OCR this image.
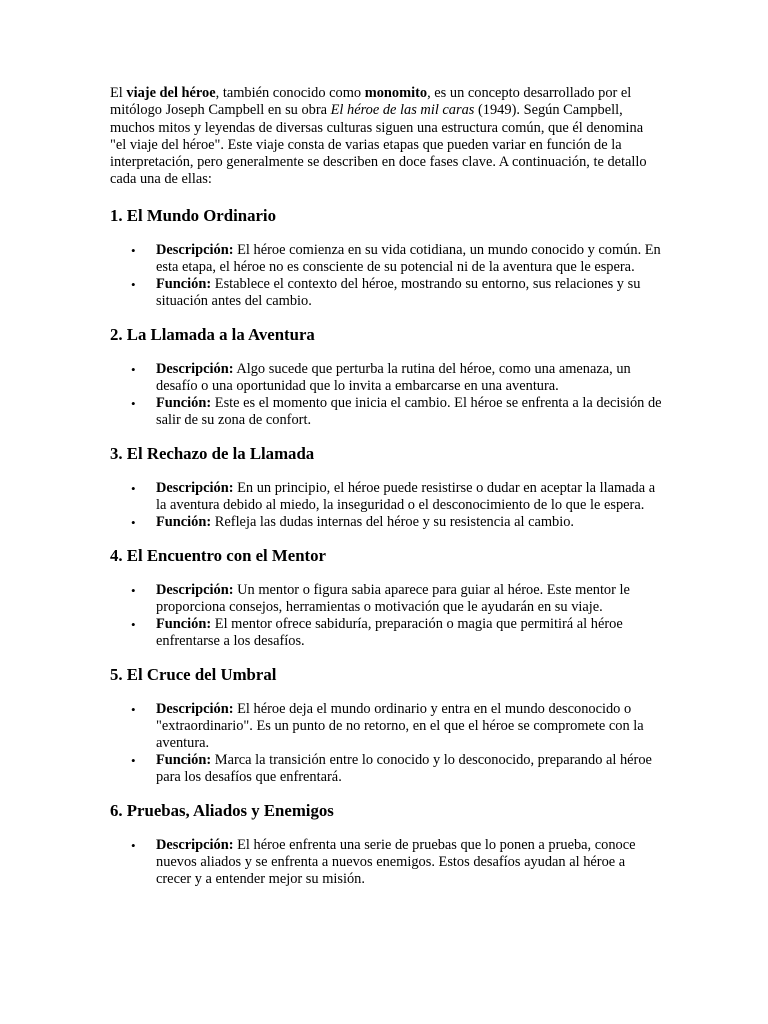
El viaje del héroe, también conocido como monomito, es un concepto desarrollado por el mitólogo Joseph Campbell en su obra El héroe de las mil caras (1949). Según Campbell, muchos mitos y leyendas de diversas culturas siguen una estructura común, que él denomina "el viaje del héroe". Este viaje consta de varias etapas que pueden variar en función de la interpretación, pero generalmente se describen en doce fases clave. A continuación, te detallo cada una de ellas:

1. El Mundo Ordinario
• Descripción: El héroe comienza en su vida cotidiana, un mundo conocido y común. En esta etapa, el héroe no es consciente de su potencial ni de la aventura que le espera.
• Función: Establece el contexto del héroe, mostrando su entorno, sus relaciones y su situación antes del cambio.
2. La Llamada a la Aventura
• Descripción: Algo sucede que perturba la rutina del héroe, como una amenaza, un desafío o una oportunidad que lo invita a embarcarse en una aventura.
• Función: Este es el momento que inicia el cambio. El héroe se enfrenta a la decisión de salir de su zona de confort.
3. El Rechazo de la Llamada
• Descripción: En un principio, el héroe puede resistirse o dudar en aceptar la llamada a la aventura debido al miedo, la inseguridad o el desconocimiento de lo que le espera.
• Función: Refleja las dudas internas del héroe y su resistencia al cambio.
4. El Encuentro con el Mentor
• Descripción: Un mentor o figura sabia aparece para guiar al héroe. Este mentor le proporciona consejos, herramientas o motivación que le ayudarán en su viaje.
• Función: El mentor ofrece sabiduría, preparación o magia que permitirá al héroe enfrentarse a los desafíos.
5. El Cruce del Umbral
• Descripción: El héroe deja el mundo ordinario y entra en el mundo desconocido o "extraordinario". Es un punto de no retorno, en el que el héroe se compromete con la aventura.
• Función: Marca la transición entre lo conocido y lo desconocido, preparando al héroe para los desafíos que enfrentará.
6. Pruebas, Aliados y Enemigos
• Descripción: El héroe enfrenta una serie de pruebas que lo ponen a prueba, conoce nuevos aliados y se enfrenta a nuevos enemigos. Estos desafíos ayudan al héroe a crecer y a entender mejor su misión.
